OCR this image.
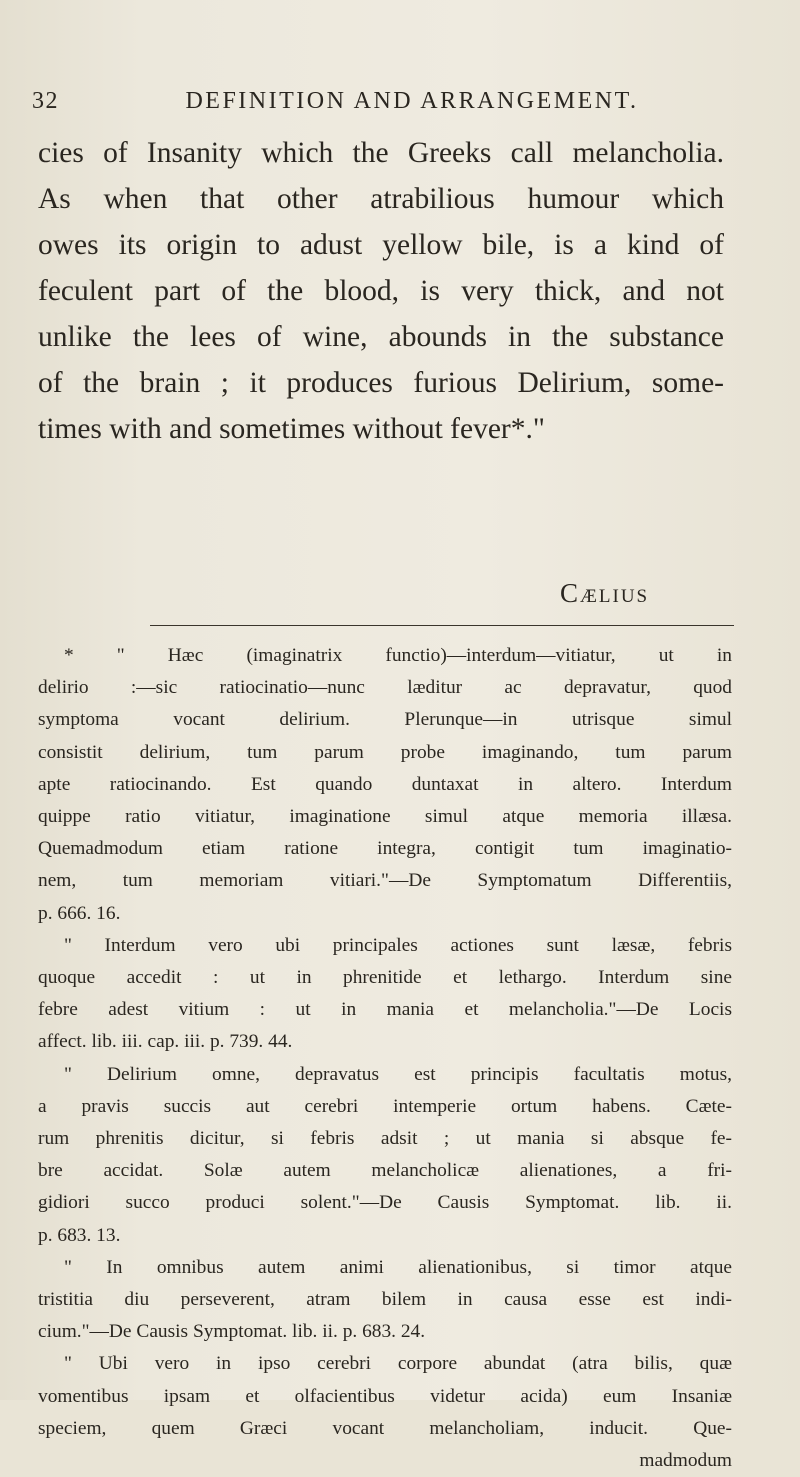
32	DEFINITION AND ARRANGEMENT.

cies of Insanity which the Greeks call melancholia.
As when that other atrabilious humour which
owes its origin to adust yellow bile, is a kind of
feculent part of the blood, is very thick, and not
unlike the lees of wine, abounds in the substance
of the brain ; it produces furious Delirium, some-
times with and sometimes without fever*."

Cælius

* " Hæc (imaginatrix functio)—interdum—vitiatur, ut in
delirio :—sic ratiocinatio—nunc læditur ac depravatur, quod
symptoma vocant delirium. Plerunque—in utrisque simul
consistit delirium, tum parum probe imaginando, tum parum
apte ratiocinando. Est quando duntaxat in altero. Interdum
quippe ratio vitiatur, imaginatione simul atque memoria illæsa.
Quemadmodum etiam ratione integra, contigit tum imaginatio-
nem, tum memoriam vitiari."—De Symptomatum Differentiis,
p. 666. 16.

" Interdum vero ubi principales actiones sunt læsæ, febris
quoque accedit : ut in phrenitide et lethargo. Interdum sine
febre adest vitium : ut in mania et melancholia."—De Locis
affect. lib. iii. cap. iii. p. 739. 44.

" Delirium omne, depravatus est principis facultatis motus,
a pravis succis aut cerebri intemperie ortum habens. Cæte-
rum phrenitis dicitur, si febris adsit ; ut mania si absque fe-
bre accidat. Solæ autem melancholicæ alienationes, a fri-
gidiori succo produci solent."—De Causis Symptomat. lib. ii.
p. 683. 13.

" In omnibus autem animi alienationibus, si timor atque
tristitia diu perseverent, atram bilem in causa esse est indi-
cium."—De Causis Symptomat. lib. ii. p. 683. 24.

" Ubi vero in ipso cerebri corpore abundat (atra bilis, quæ
vomentibus ipsam et olfacientibus videtur acida) eum Insaniæ
speciem, quem Græci vocant melancholiam, inducit. Que-
madmodum
